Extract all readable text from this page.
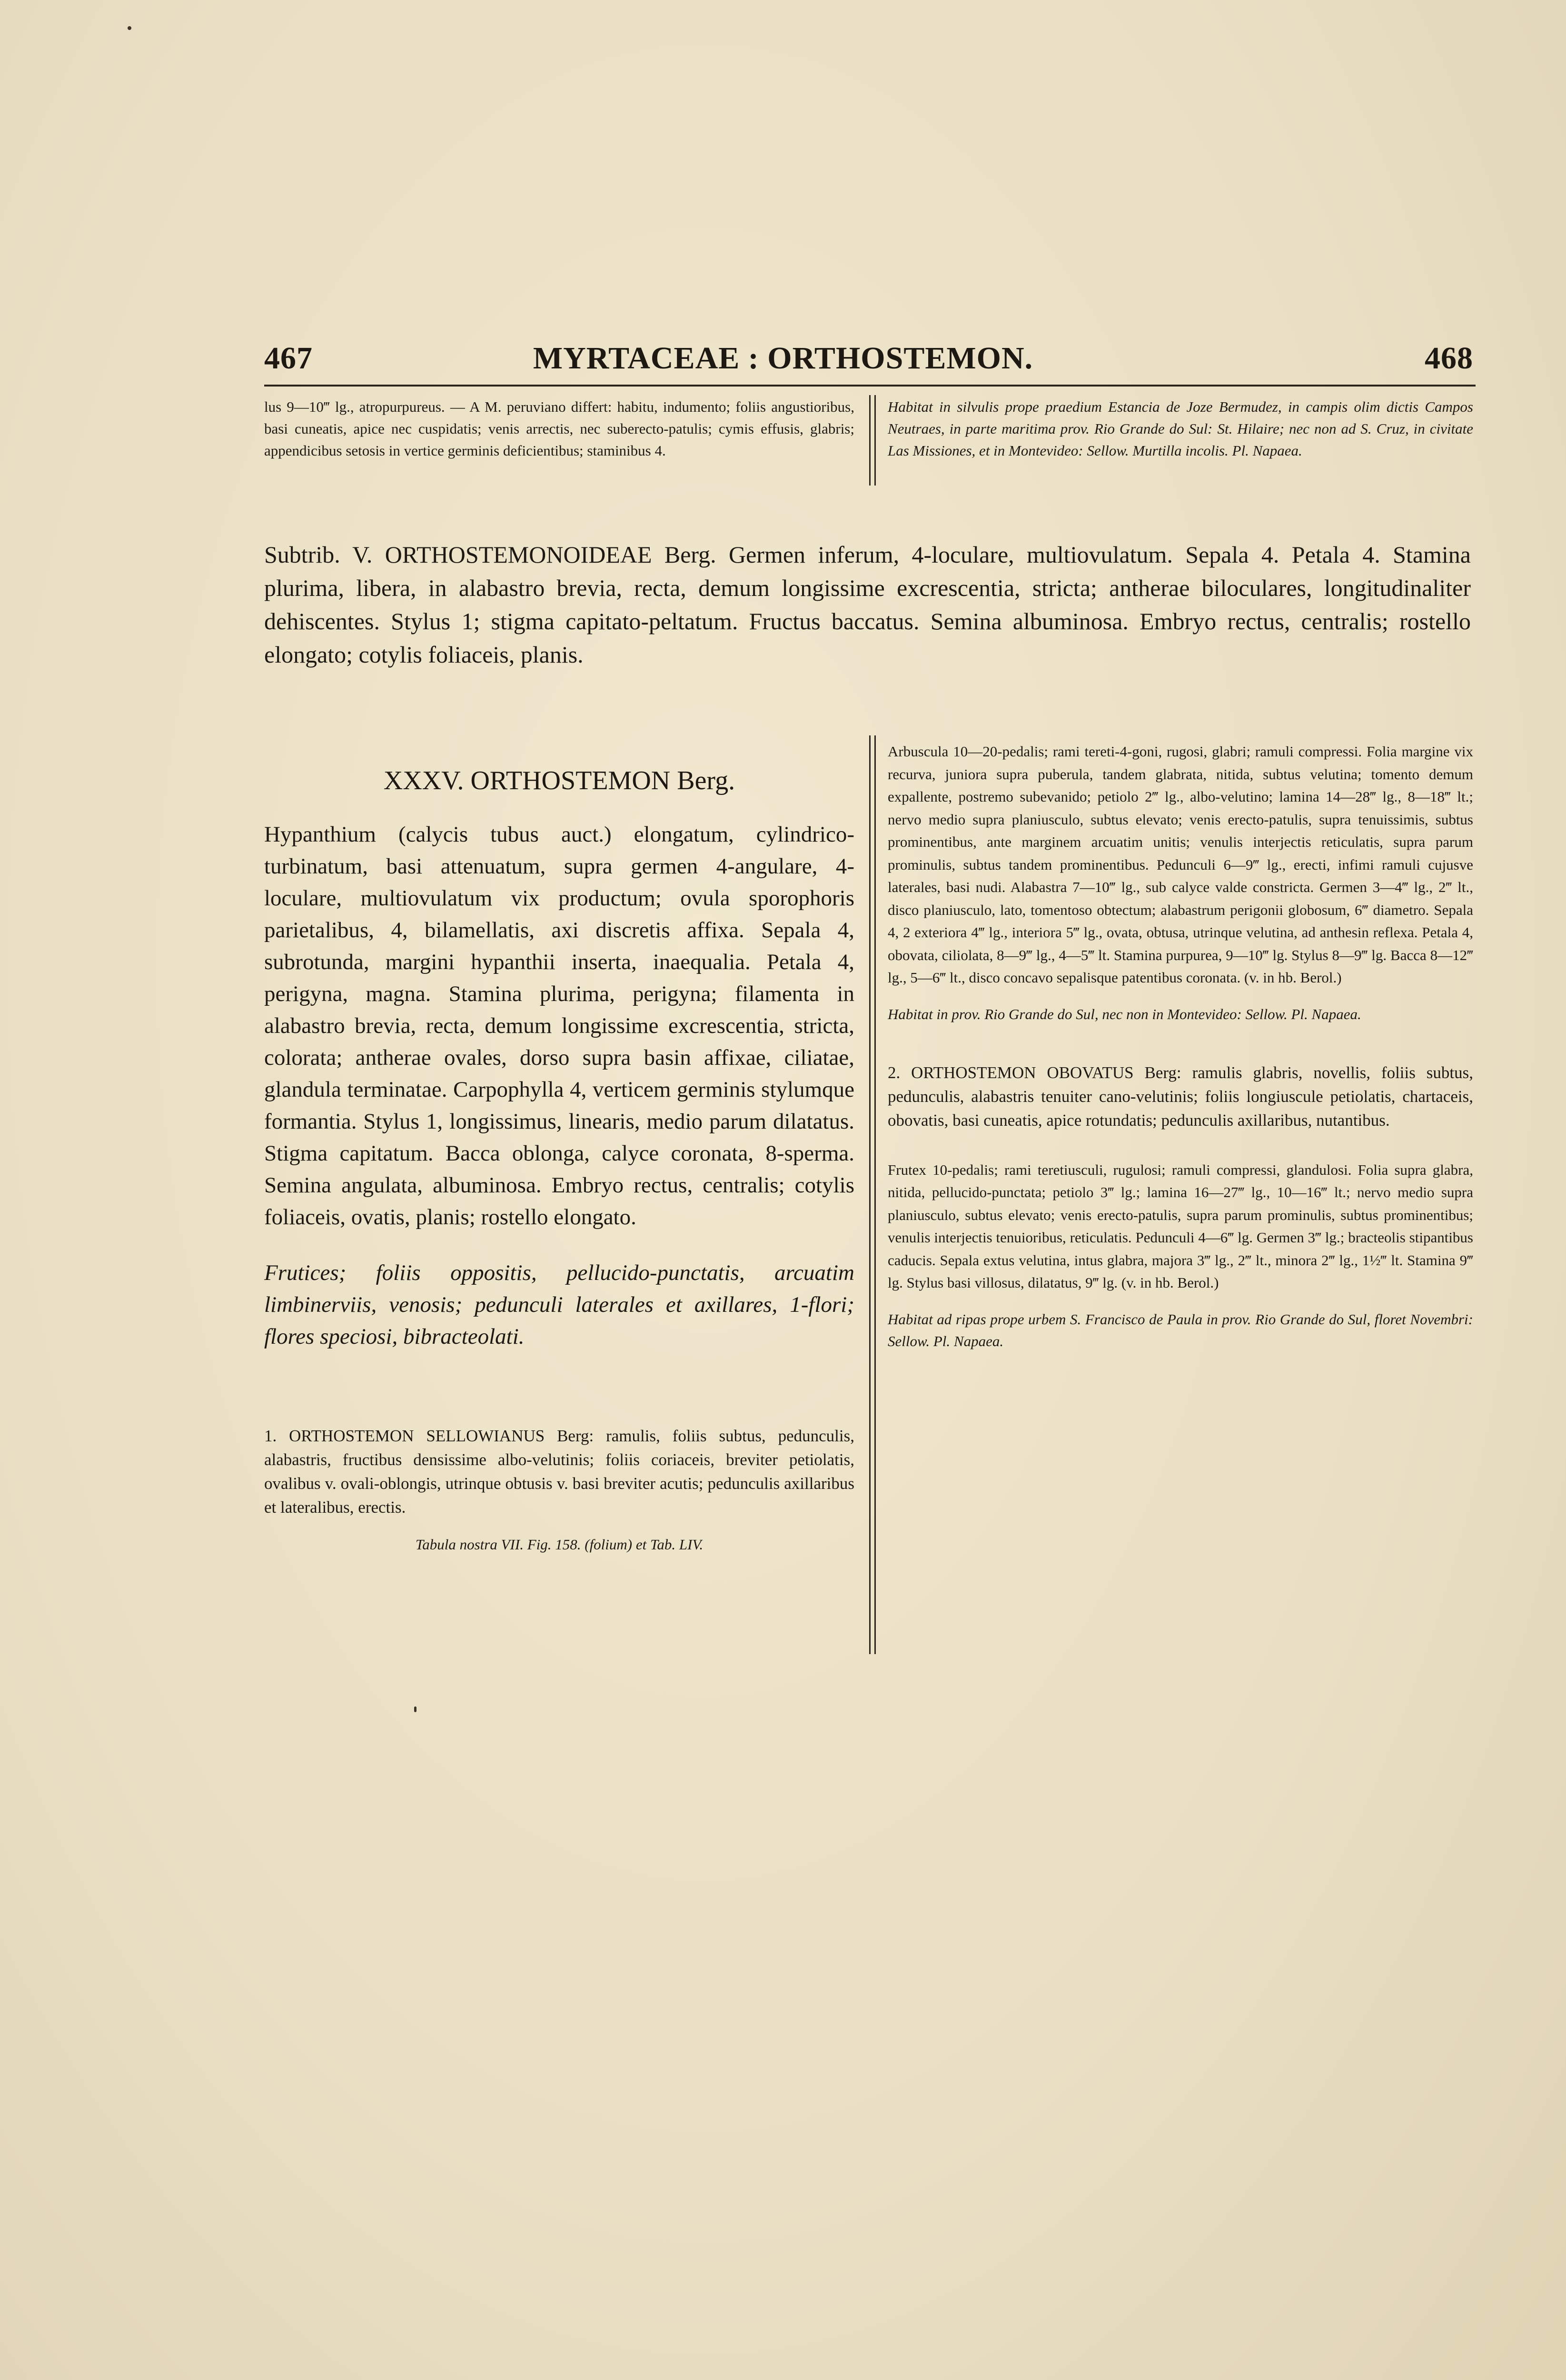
467	MYRTACEAE : ORTHOSTEMON.	468
lus 9—10‴ lg., atropurpureus. — A M. peruviano differt: habitu, indumento; foliis angustioribus, basi cuneatis, apice nec cuspidatis; venis arrectis, nec suberecto-patulis; cymis effusis, glabris; appendicibus setosis in vertice germinis deficientibus; staminibus 4.
Habitat in silvulis prope praedium Estancia de Joze Bermudez, in campis olim dictis Campos Neutraes, in parte maritima prov. Rio Grande do Sul: St. Hilaire; nec non ad S. Cruz, in civitate Las Missiones, et in Montevideo: Sellow. Murtilla incolis. Pl. Napaea.
Subtrib. V. ORTHOSTEMONOIDEAE Berg. Germen inferum, 4-loculare, multiovulatum. Sepala 4. Petala 4. Stamina plurima, libera, in alabastro brevia, recta, demum longissime excrescentia, stricta; antherae biloculares, longitudinaliter dehiscentes. Stylus 1; stigma capitato-peltatum. Fructus baccatus. Semina albuminosa. Embryo rectus, centralis; rostello elongato; cotylis foliaceis, planis.

XXXV. ORTHOSTEMON Berg.

Hypanthium (calycis tubus auct.) elongatum, cylindrico-turbinatum, basi attenuatum, supra germen 4-angulare, 4-loculare, multiovulatum vix productum; ovula sporophoris parietalibus, 4, bilamellatis, axi discretis affixa. Sepala 4, subrotunda, margini hypanthii inserta, inaequalia. Petala 4, perigyna, magna. Stamina plurima, perigyna; filamenta in alabastro brevia, recta, demum longissime excrescentia, stricta, colorata; antherae ovales, dorso supra basin affixae, ciliatae, glandula terminatae. Carpophylla 4, verticem germinis stylumque formantia. Stylus 1, longissimus, linearis, medio parum dilatatus. Stigma capitatum. Bacca oblonga, calyce coronata, 8-sperma. Semina angulata, albuminosa. Embryo rectus, centralis; cotylis foliaceis, ovatis, planis; rostello elongato.

Frutices; foliis oppositis, pellucido-punctatis, arcuatim limbinerviis, venosis; pedunculi laterales et axillares, 1-flori; flores speciosi, bibracteolati.

1. ORTHOSTEMON SELLOWIANUS Berg: ramulis, foliis subtus, pedunculis, alabastris, fructibus densissime albo-velutinis; foliis coriaceis, breviter petiolatis, ovalibus v. ovali-oblongis, utrinque obtusis v. basi breviter acutis; pedunculis axillaribus et lateralibus, erectis.

Tabula nostra VII. Fig. 158. (folium) et Tab. LIV.

Arbuscula 10—20-pedalis; rami tereti-4-goni, rugosi, glabri; ramuli compressi. Folia margine vix recurva, juniora supra puberula, tandem glabrata, nitida, subtus velutina; tomento demum expallente, postremo subevanido; petiolo 2‴ lg., albo-velutino; lamina 14—28‴ lg., 8—18‴ lt.; nervo medio supra planiusculo, subtus elevato; venis erecto-patulis, supra tenuissimis, subtus prominentibus, ante marginem arcuatim unitis; venulis interjectis reticulatis, supra parum prominulis, subtus tandem prominentibus. Pedunculi 6—9‴ lg., erecti, infimi ramuli cujusve laterales, basi nudi. Alabastra 7—10‴ lg., sub calyce valde constricta. Germen 3—4‴ lg., 2‴ lt., disco planiusculo, lato, tomentoso obtectum; alabastrum perigonii globosum, 6‴ diametro. Sepala 4, 2 exteriora 4‴ lg., interiora 5‴ lg., ovata, obtusa, utrinque velutina, ad anthesin reflexa. Petala 4, obovata, ciliolata, 8—9‴ lg., 4—5‴ lt. Stamina purpurea, 9—10‴ lg. Stylus 8—9‴ lg. Bacca 8—12‴ lg., 5—6‴ lt., disco concavo sepalisque patentibus coronata. (v. in hb. Berol.)

Habitat in prov. Rio Grande do Sul, nec non in Montevideo: Sellow. Pl. Napaea.

2. ORTHOSTEMON OBOVATUS Berg: ramulis glabris, novellis, foliis subtus, pedunculis, alabastris tenuiter cano-velutinis; foliis longiuscule petiolatis, chartaceis, obovatis, basi cuneatis, apice rotundatis; pedunculis axillaribus, nutantibus.

Frutex 10-pedalis; rami teretiusculi, rugulosi; ramuli compressi, glandulosi. Folia supra glabra, nitida, pellucido-punctata; petiolo 3‴ lg.; lamina 16—27‴ lg., 10—16‴ lt.; nervo medio supra planiusculo, subtus elevato; venis erecto-patulis, supra parum prominulis, subtus prominentibus; venulis interjectis tenuioribus, reticulatis. Pedunculi 4—6‴ lg. Germen 3‴ lg.; bracteolis stipantibus caducis. Sepala extus velutina, intus glabra, majora 3‴ lg., 2‴ lt., minora 2‴ lg., 1½‴ lt. Stamina 9‴ lg. Stylus basi villosus, dilatatus, 9‴ lg. (v. in hb. Berol.)

Habitat ad ripas prope urbem S. Francisco de Paula in prov. Rio Grande do Sul, floret Novembri: Sellow. Pl. Napaea.
